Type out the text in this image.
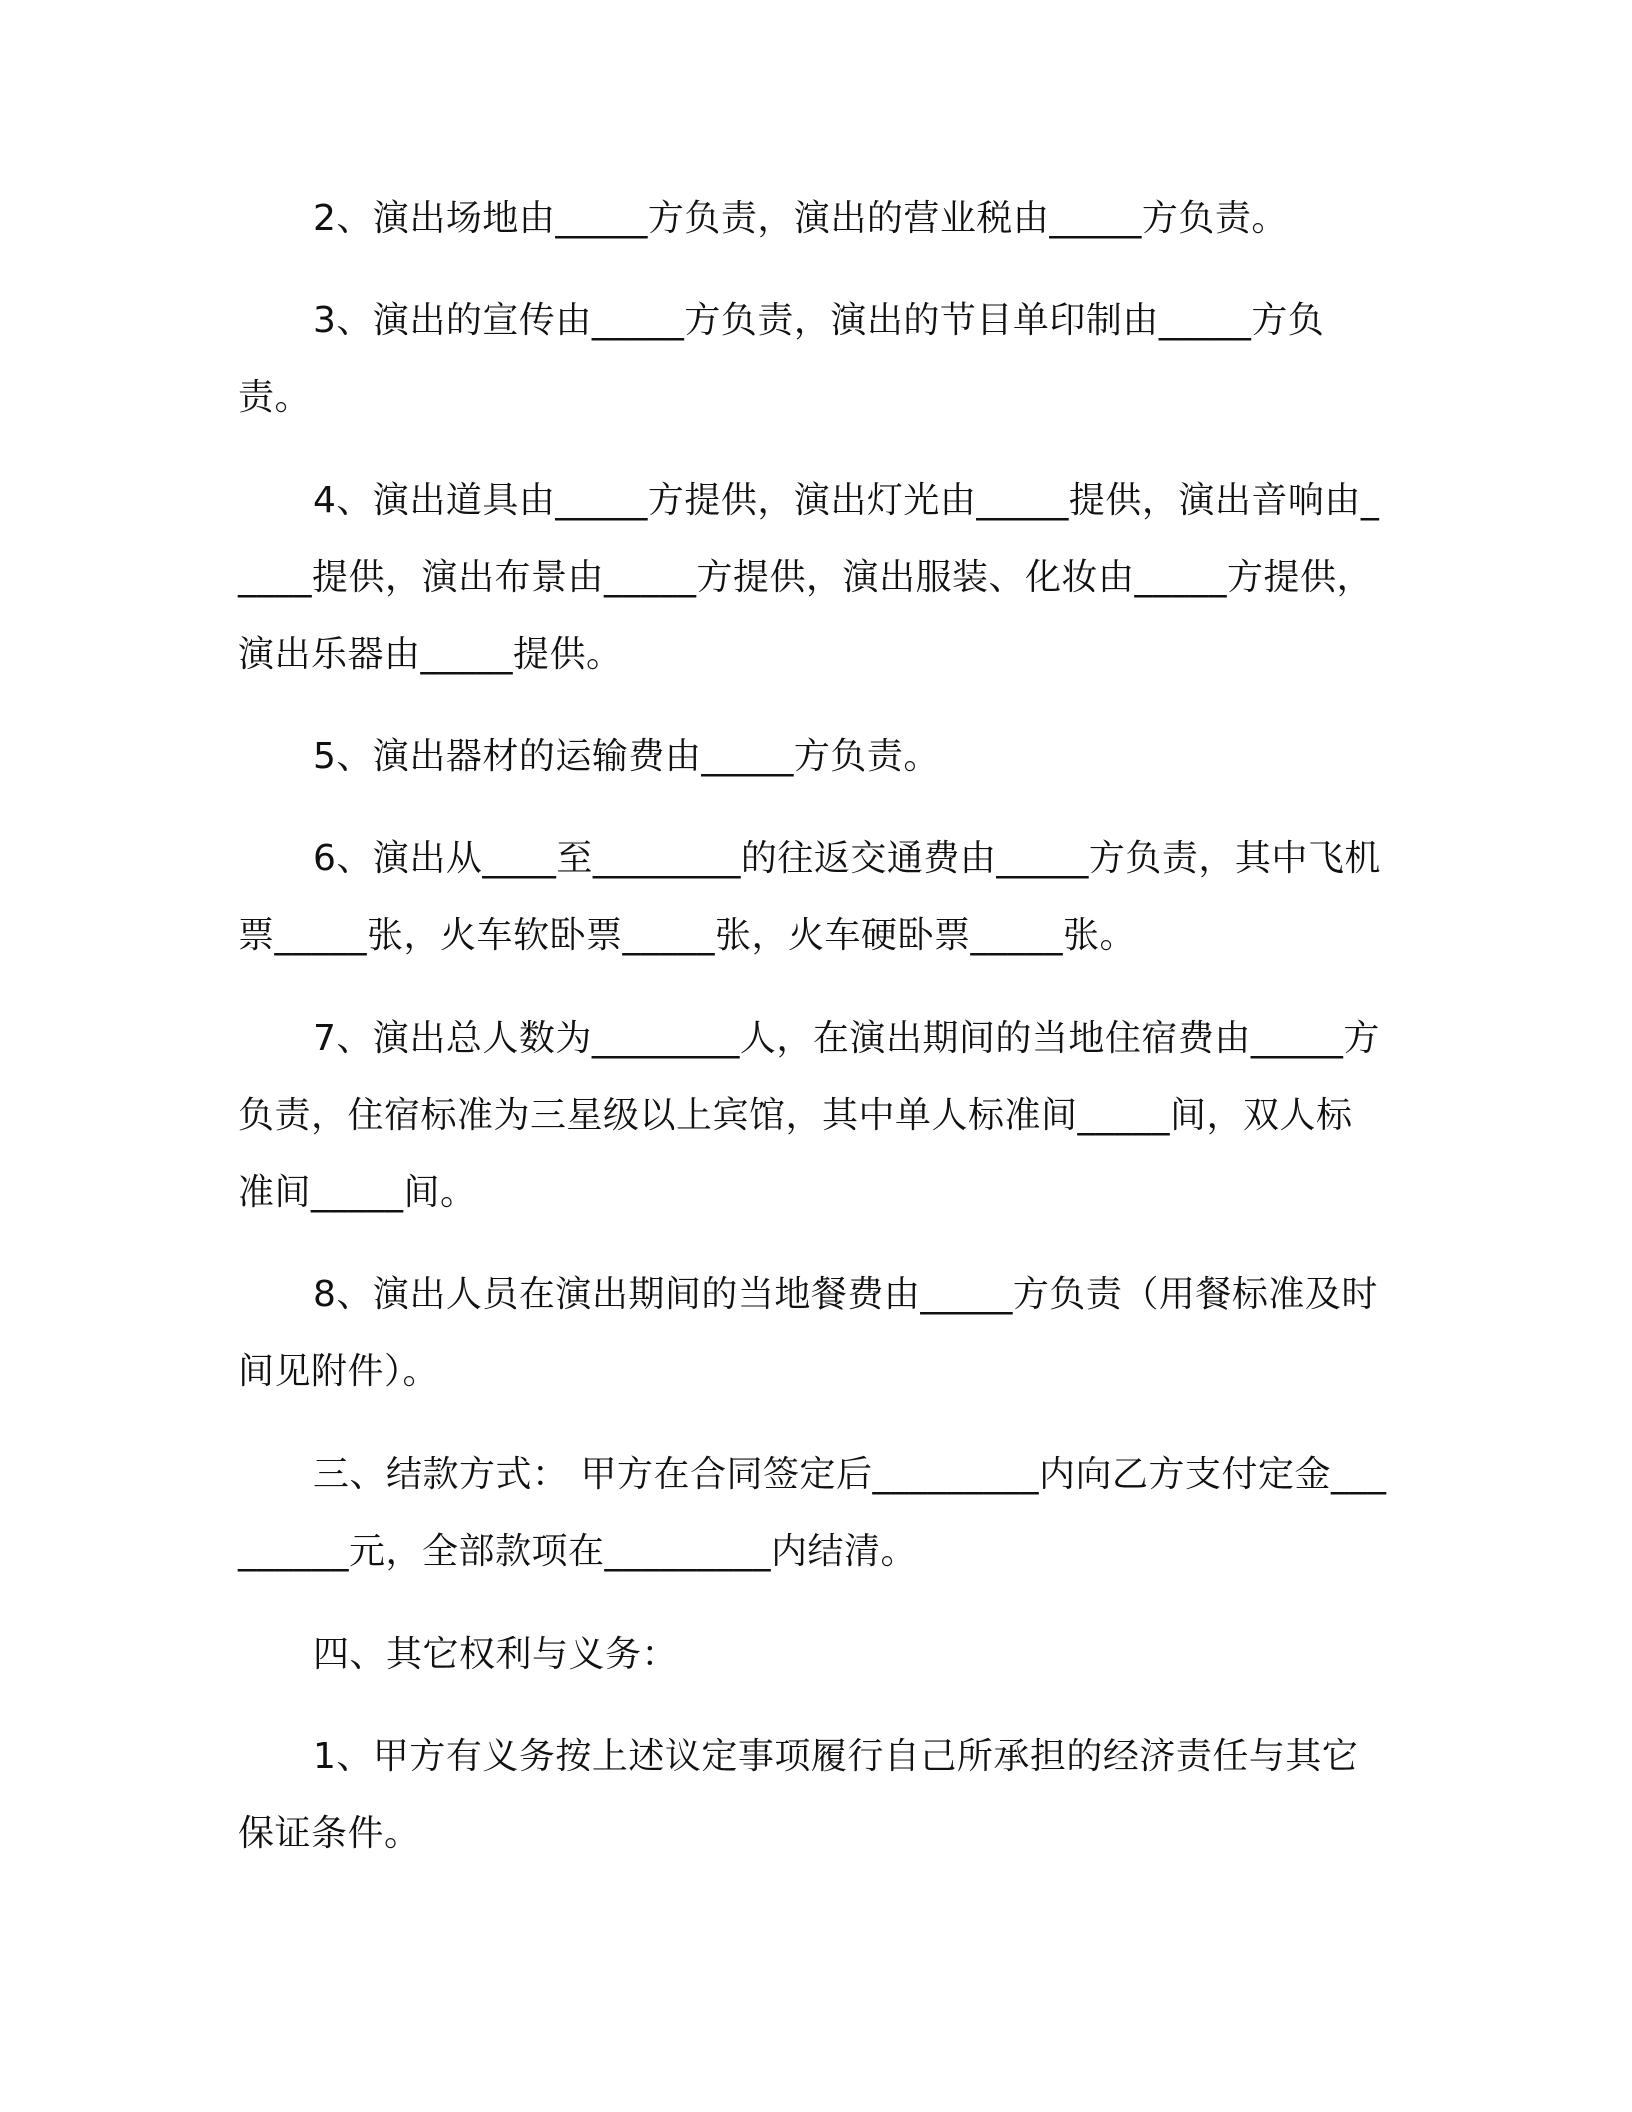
2、演出场地由_____方负责，演出的营业税由_____方负责。

3、演出的宣传由_____方负责，演出的节目单印制由_____方负责。

4、演出道具由_____方提供，演出灯光由_____提供，演出音响由_____提供，演出布景由_____方提供，演出服装、化妆由_____方提供，演出乐器由_____提供。

5、演出器材的运输费由_____方负责。

6、演出从____至________的往返交通费由_____方负责，其中飞机票_____张，火车软卧票_____张，火车硬卧票_____张。

7、演出总人数为________人，在演出期间的当地住宿费由_____方负责，住宿标准为三星级以上宾馆，其中单人标准间_____间，双人标准间_____间。

8、演出人员在演出期间的当地餐费由_____方负责（用餐标准及时间见附件）。

三、结款方式： 甲方在合同签定后_________内向乙方支付定金_________元，全部款项在_________内结清。

四、其它权利与义务：

1、甲方有义务按上述议定事项履行自己所承担的经济责任与其它保证条件。
